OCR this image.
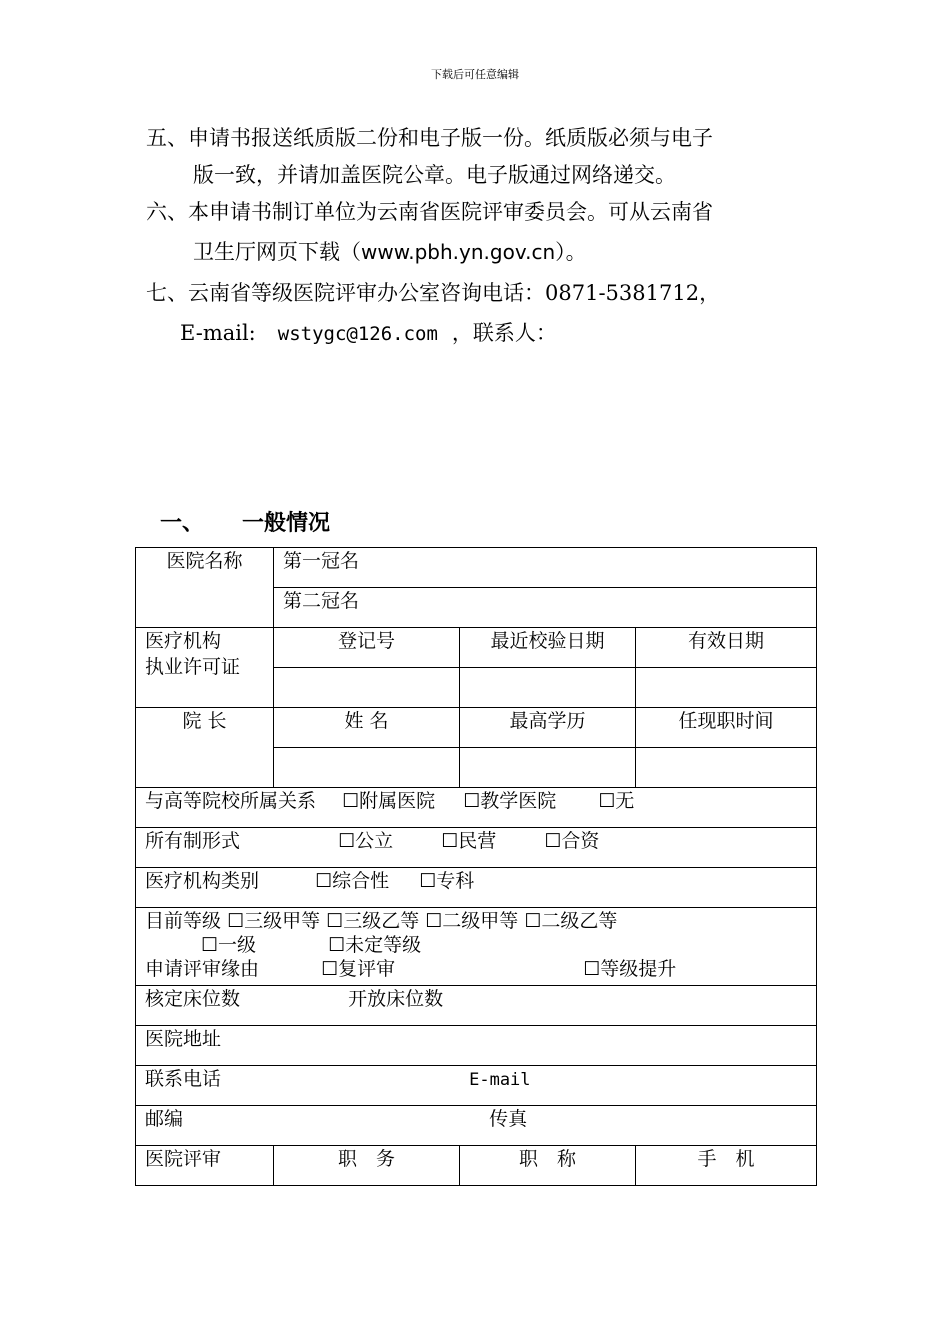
下载后可任意编辑
五、申请书报送纸质版二份和电子版一份。纸质版必须与电子
版一致，并请加盖医院公章。电子版通过网络递交。
六、本申请书制订单位为云南省医院评审委员会。可从云南省
卫生厅网页下载（www.pbh.yn.gov.cn）。
七、云南省等级医院评审办公室咨询电话：0871-5381712，
E-mail: wstygc@126.com ，联系人：
一、 一般情况
医院名称	第一冠名		
	第二冠名		

医疗机构
执业许可证	登记号	最近校验日期	有效日期

院 长	姓 名	最高学历	任现职时间

与高等院校所属关系 ☐附属医院 ☐教学医院 ☐无			
所有制形式 ☐公立 ☐民营 ☐合资			
医疗机构类别 ☐综合性 ☐专科			

目前等级 ☐三级甲等 ☐三级乙等 ☐二级甲等 ☐二级乙等
☐一级 ☐未定等级
申请评审缘由 ☐复评审 ☐等级提升			

核定床位数 开放床位数			
医院地址			
联系电话 E-mail			
邮编 传真			
医院评审	职　务	职　称	手　机
